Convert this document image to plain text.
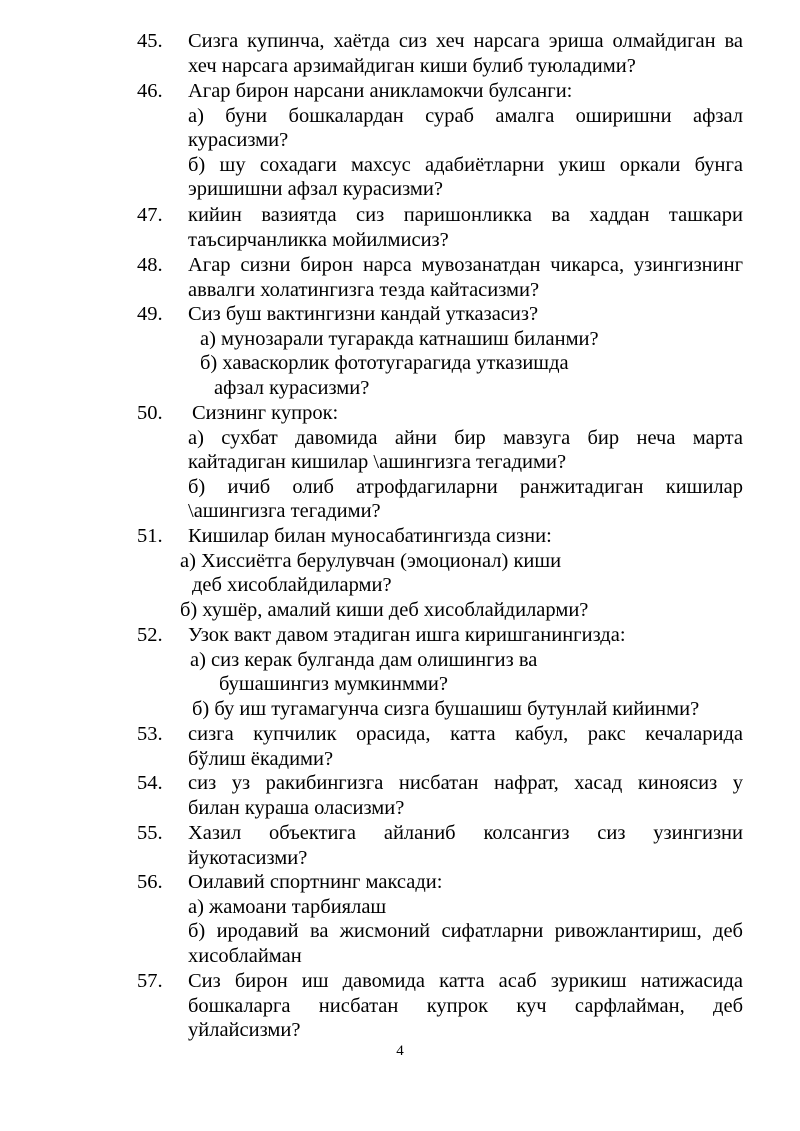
45.	Сизга купинча, хаётда сиз хеч нарсага эриша олмайдиган ва
хеч нарсага арзимайдиган киши булиб туюладими?
46.	Агар бирон нарсани аникламокчи булсанги:
а) буни бошкалардан сураб амалга оширишни афзал
курасизми?
б) шу сохадаги махсус адабиётларни укиш оркали бунга
эришишни афзал курасизми?
47.	кийин вазиятда сиз паришонликка ва хаддан ташкари
таъсирчанликка мойилмисиз?
48.	Агар сизни бирон нарса мувозанатдан чикарса, узингизнинг
аввалги холатингизга тезда кайтасизми?
49.	Сиз буш вактингизни кандай утказасиз?
а) мунозарали тугаракда катнашиш биланми?
б) хаваскорлик фототугарагида утказишда
афзал курасизми?
50.	Сизнинг купрок:
а) сухбат давомида айни бир мавзуга бир неча марта
кайтадиган кишилар \ашингизга тегадими?
б) ичиб олиб атрофдагиларни ранжитадиган кишилар
\ашингизга тегадими?
51.	Кишилар билан муносабатингизда сизни:
а) Хиссиётга берулувчан (эмоционал) киши
деб хисоблайдиларми?
б) хушёр, амалий киши деб хисоблайдиларми?
52.	Узок вакт давом этадиган ишга киришганингизда:
а) сиз керак булганда дам олишингиз ва
бушашингиз мумкинмми?
б) бу иш тугамагунча сизга бушашиш бутунлай кийинми?
53.	сизга купчилик орасида, катта кабул, ракс кечаларида
бўлиш ёкадими?
54.	сиз уз ракибингизга нисбатан нафрат, хасад киноясиз у
билан кураша оласизми?
55.	Хазил объектига айланиб колсангиз сиз узингизни
йукотасизми?
56.	Оилавий спортнинг максади:
а) жамоани тарбиялаш
б) иродавий ва жисмоний сифатларни ривожлантириш, деб
хисоблайман
57.	Сиз бирон иш давомида катта асаб зурикиш натижасида
бошкаларга нисбатан купрок куч сарфлайман, деб
уйлайсизми?
4
